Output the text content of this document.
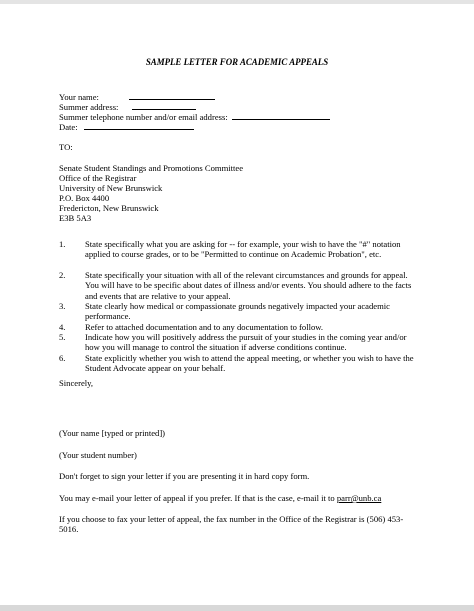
SAMPLE LETTER FOR ACADEMIC APPEALS
Your name:
Summer address:
Summer telephone number and/or email address:
Date:
TO:
Senate Student Standings and Promotions Committee
Office of the Registrar
University of New Brunswick
P.O. Box 4400
Fredericton, New Brunswick
E3B 5A3
1. State specifically what you are asking for -- for example, your wish to have the "#" notation applied to course grades, or to be "Permitted to continue on Academic Probation", etc.
2. State specifically your situation with all of the relevant circumstances and grounds for appeal. You will have to be specific about dates of illness and/or events. You should adhere to the facts and events that are relative to your appeal.
3. State clearly how medical or compassionate grounds negatively impacted your academic performance.
4. Refer to attached documentation and to any documentation to follow.
5. Indicate how you will positively address the pursuit of your studies in the coming year and/or how you will manage to control the situation if adverse conditions continue.
6. State explicitly whether you wish to attend the appeal meeting, or whether you wish to have the Student Advocate appear on your behalf.
Sincerely,
(Your name [typed or printed])
(Your student number)
Don't forget to sign your letter if you are presenting it in hard copy form.
You may e-mail your letter of appeal if you prefer. If that is the case, e-mail it to parr@unb.ca
If you choose to fax your letter of appeal, the fax number in the Office of the Registrar is (506) 453-5016.
